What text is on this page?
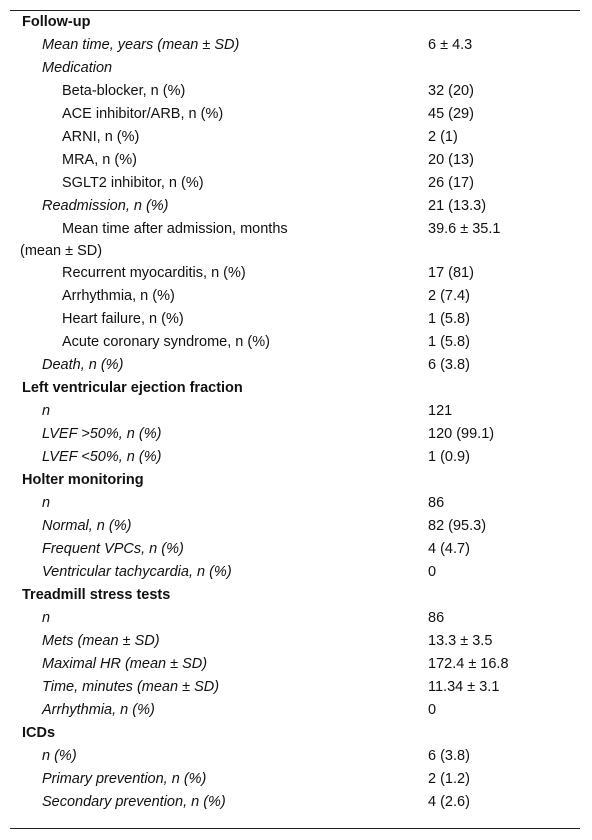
Follow-up	
Mean time, years (mean ± SD)	6 ± 4.3
Medication	
Beta-blocker, n (%)	32 (20)
ACE inhibitor/ARB, n (%)	45 (29)
ARNI, n (%)	2 (1)
MRA, n (%)	20 (13)
SGLT2 inhibitor, n (%)	26 (17)
Readmission, n (%)	21 (13.3)

Mean time after admission, months
(mean ± SD)	39.6 ± 35.1
Recurrent myocarditis, n (%)	17 (81)
Arrhythmia, n (%)	2 (7.4)
Heart failure, n (%)	1 (5.8)
Acute coronary syndrome, n (%)	1 (5.8)
Death, n (%)	6 (3.8)
Left ventricular ejection fraction	
n	121
LVEF >50%, n (%)	120 (99.1)
LVEF <50%, n (%)	1 (0.9)
Holter monitoring	
n	86
Normal, n (%)	82 (95.3)
Frequent VPCs, n (%)	4 (4.7)
Ventricular tachycardia, n (%)	0
Treadmill stress tests	
n	86
Mets (mean ± SD)	13.3 ± 3.5
Maximal HR (mean ± SD)	172.4 ± 16.8
Time, minutes (mean ± SD)	11.34 ± 3.1
Arrhythmia, n (%)	0
ICDs	
n (%)	6 (3.8)
Primary prevention, n (%)	2 (1.2)
Secondary prevention, n (%)	4 (2.6)
